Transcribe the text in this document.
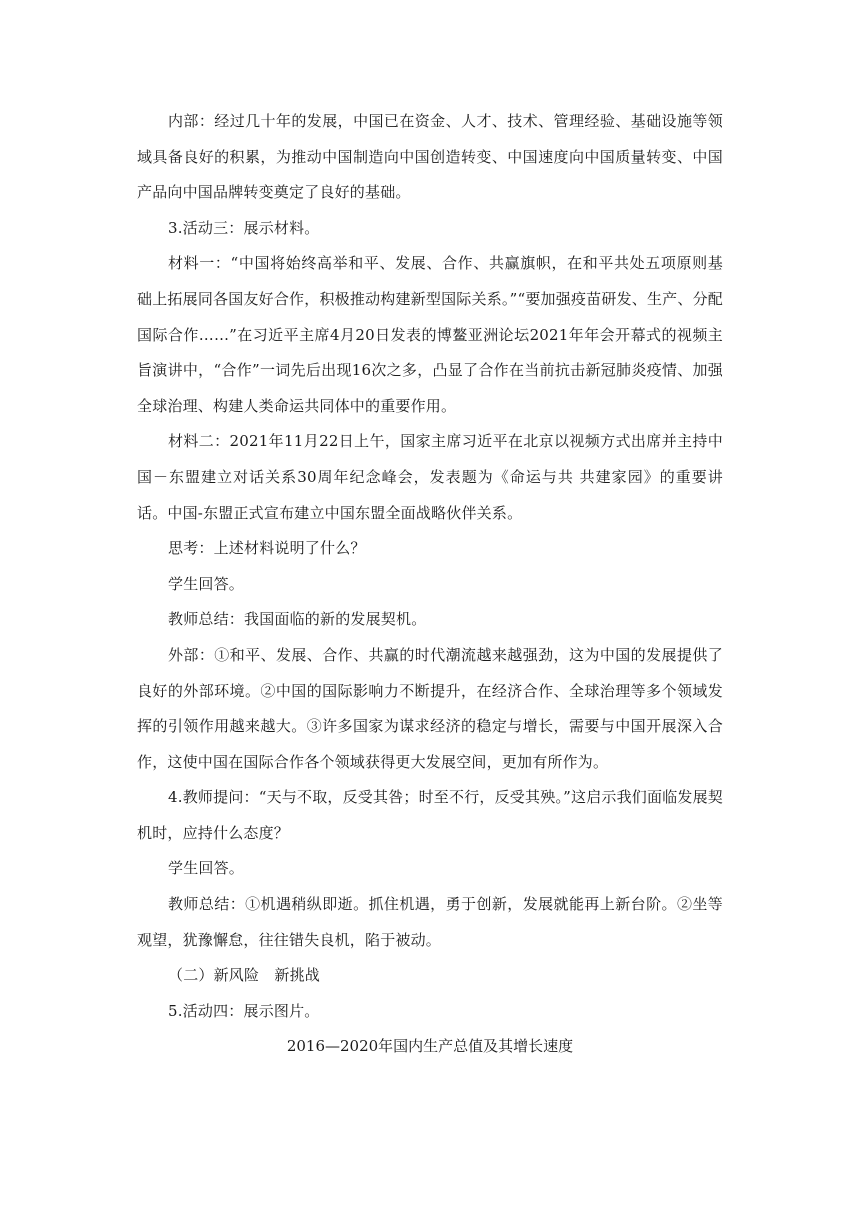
内部：经过几十年的发展，中国已在资金、人才、技术、管理经验、基础设施等领域具备良好的积累，为推动中国制造向中国创造转变、中国速度向中国质量转变、中国产品向中国品牌转变奠定了良好的基础。

3.活动三：展示材料。

材料一：“中国将始终高举和平、发展、合作、共赢旗帜，在和平共处五项原则基础上拓展同各国友好合作，积极推动构建新型国际关系。”“要加强疫苗研发、生产、分配国际合作……”在习近平主席4月20日发表的博鳌亚洲论坛2021年年会开幕式的视频主旨演讲中，“合作”一词先后出现16次之多，凸显了合作在当前抗击新冠肺炎疫情、加强全球治理、构建人类命运共同体中的重要作用。

材料二：2021年11月22日上午，国家主席习近平在北京以视频方式出席并主持中国－东盟建立对话关系30周年纪念峰会，发表题为《命运与共 共建家园》的重要讲话。中国-东盟正式宣布建立中国东盟全面战略伙伴关系。

思考：上述材料说明了什么？

学生回答。

教师总结：我国面临的新的发展契机。

外部：①和平、发展、合作、共赢的时代潮流越来越强劲，这为中国的发展提供了良好的外部环境。②中国的国际影响力不断提升，在经济合作、全球治理等多个领域发挥的引领作用越来越大。③许多国家为谋求经济的稳定与增长，需要与中国开展深入合作，这使中国在国际合作各个领域获得更大发展空间，更加有所作为。

4.教师提问：“天与不取，反受其咎；时至不行，反受其殃。”这启示我们面临发展契机时，应持什么态度？

学生回答。

教师总结：①机遇稍纵即逝。抓住机遇，勇于创新，发展就能再上新台阶。②坐等观望，犹豫懈怠，往往错失良机，陷于被动。

（二）新风险　新挑战

5.活动四：展示图片。

2016—2020年国内生产总值及其增长速度
